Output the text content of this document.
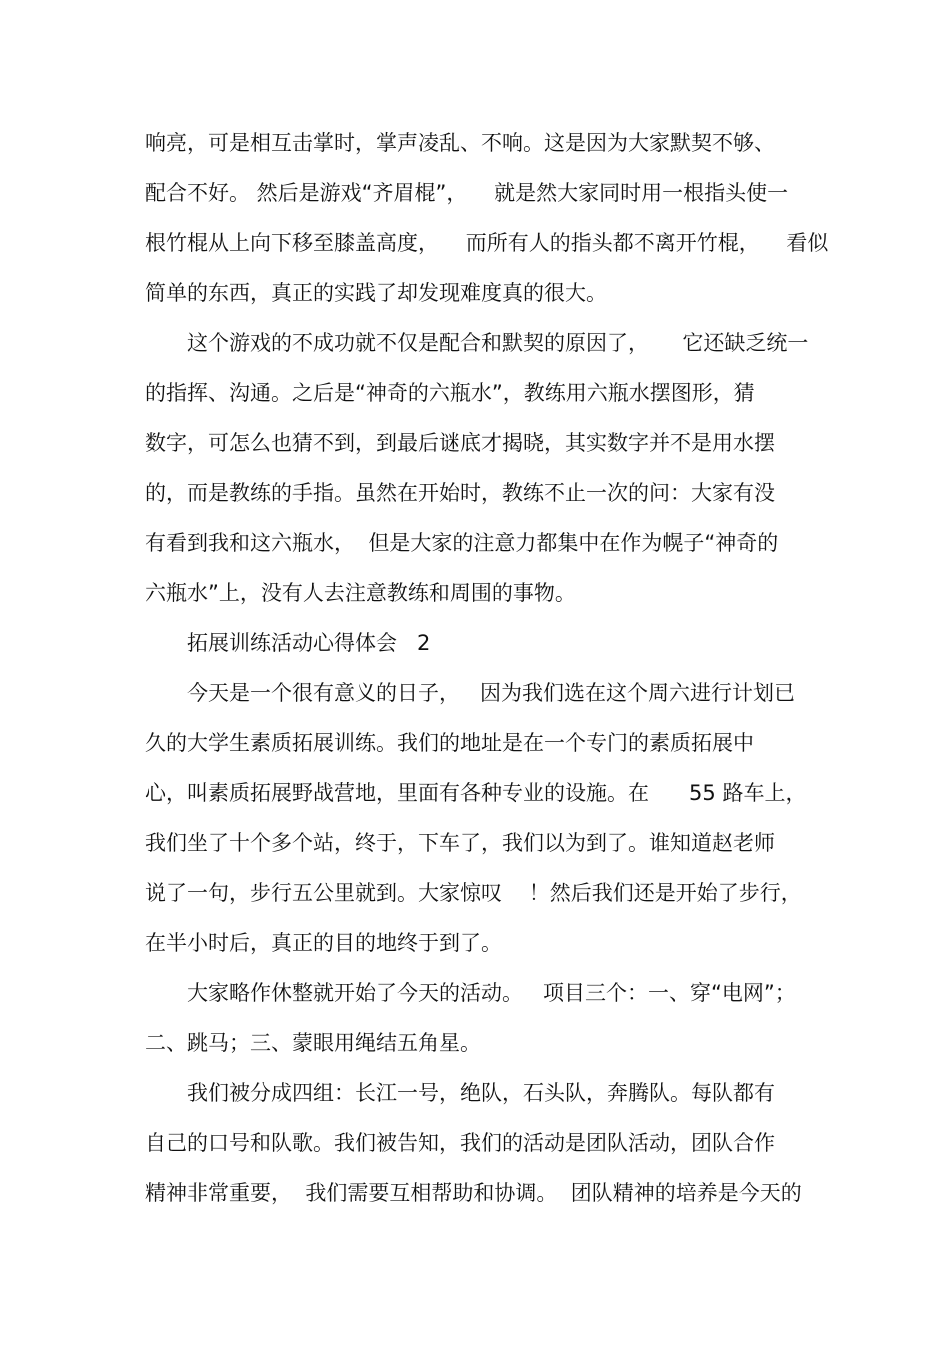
响亮，可是相互击掌时，掌声凌乱、不响。这是因为大家默契不够、
配合不好。 然后是游戏“齐眉棍”，    就是然大家同时用一根指头使一
根竹棍从上向下移至膝盖高度，    而所有人的指头都不离开竹棍，    看似
简单的东西，真正的实践了却发现难度真的很大。
这个游戏的不成功就不仅是配合和默契的原因了，     它还缺乏统一
的指挥、沟通。之后是“神奇的六瓶水”，教练用六瓶水摆图形，猜
数字，可怎么也猜不到，到最后谜底才揭晓，其实数字并不是用水摆
的，而是教练的手指。虽然在开始时，教练不止一次的问：大家有没
有看到我和这六瓶水，  但是大家的注意力都集中在作为幌子“神奇的
六瓶水”上，没有人去注意教练和周围的事物。
拓展训练活动心得体会   2
今天是一个很有意义的日子，   因为我们选在这个周六进行计划已
久的大学生素质拓展训练。我们的地址是在一个专门的素质拓展中
心，叫素质拓展野战营地，里面有各种专业的设施。在      55 路车上，
我们坐了十个多个站，终于，下车了，我们以为到了。谁知道赵老师
说了一句，步行五公里就到。大家惊叹    ！然后我们还是开始了步行，
在半小时后，真正的目的地终于到了。
大家略作休整就开始了今天的活动。   项目三个：一、穿“电网”；
二、跳马；三、蒙眼用绳结五角星。
我们被分成四组：长江一号，绝队，石头队，奔腾队。每队都有
自己的口号和队歌。我们被告知，我们的活动是团队活动，团队合作
精神非常重要，  我们需要互相帮助和协调。  团队精神的培养是今天的
